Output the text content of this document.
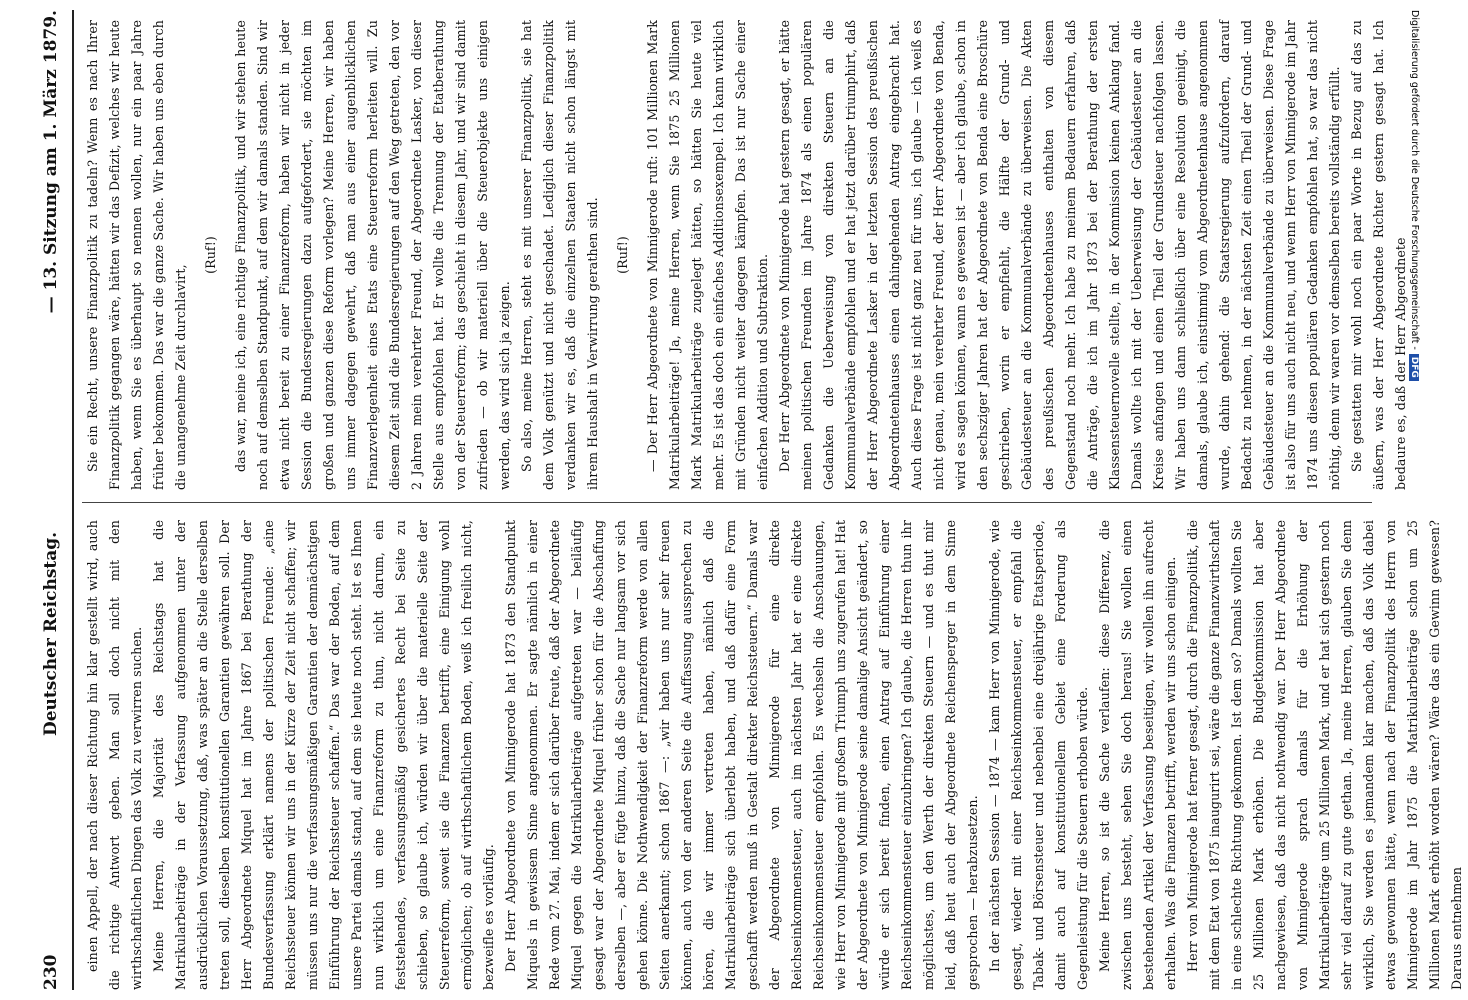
230
Deutscher Reichstag.
— 13. Sitzung am 1. März 1879.

einen Appell, der nach dieser Richtung hin klar gestellt wird, auch die richtige Antwort geben. Man soll doch nicht mit den wirthschaftlichen Dingen das Volk zu verwirren suchen. Meine Herren, die Majorität des Reichstags hat die Matrikularbeiträge in der Verfassung aufgenommen unter der ausdrücklichen Voraussetzung, daß, was später an die Stelle derselben treten soll, dieselben konstitutionellen Garantien gewähren soll. Der Herr Abgeordnete Miquel hat im Jahre 1867 bei Berathung der Bundesverfassung erklärt namens der politischen Freunde: „eine Reichssteuer können wir uns in der Kürze der Zeit nicht schaffen; wir müssen uns nur die verfassungsmäßigen Garantien der demnächstigen Einführung der Reichssteuer schaffen.“ Das war der Boden, auf dem unsere Partei damals stand, auf dem sie heute noch steht. Ist es Ihnen nun wirklich um eine Finanzreform zu thun, nicht darum, ein feststehendes, verfassungsmäßig gesichertes Recht bei Seite zu schieben, so glaube ich, würden wir über die materielle Seite der Steuerreform, soweit sie die Finanzen betrifft, eine Einigung wohl ermöglichen; ob auf wirthschaftlichem Boden, weiß ich freilich nicht, bezweifle es vorläufig. Der Herr Abgeordnete von Minnigerode hat 1873 den Standpunkt Miquels in gewissem Sinne angenommen. Er sagte nämlich in einer Rede vom 27. Mai, indem er sich darüber freute, daß der Abgeordnete Miquel gegen die Matrikularbeiträge aufgetreten war — beiläufig gesagt war der Abgeordnete Miquel früher schon für die Abschaffung derselben —, aber er fügte hinzu, daß die Sache nur langsam vor sich gehen könne. Die Nothwendigkeit der Finanzreform werde von allen Seiten anerkannt; schon 1867 —: „wir haben uns nur sehr freuen können, auch von der anderen Seite die Auffassung aussprechen zu hören, die wir immer vertreten haben, nämlich daß die Matrikularbeiträge sich überlebt haben, und daß dafür eine Form geschafft werden muß in Gestalt direkter Reichssteuern.“ Damals war der Abgeordnete von Minnigerode für eine direkte Reichseinkommensteuer, auch im nächsten Jahr hat er eine direkte Reichseinkommensteuer empfohlen. Es wechseln die Anschauungen, wie Herr von Minnigerode mit großem Triumph uns zugerufen hat! Hat der Abgeordnete von Minnigerode seine damalige Ansicht geändert, so würde er sich bereit finden, einen Antrag auf Einführung einer Reichseinkommensteuer einzubringen? Ich glaube, die Herren thun ihr möglichstes, um den Werth der direkten Steuern — und es thut mir leid, daß heut auch der Abgeordnete Reichensperger in dem Sinne gesprochen — herabzusetzen. In der nächsten Session — 1874 — kam Herr von Minnigerode, wie gesagt, wieder mit einer Reichseinkommensteuer, er empfahl die Tabak- und Börsensteuer und nebenbei eine dreijährige Etatsperiode, damit auch auf konstitutionellem Gebiet eine Forderung als Gegenleistung für die Steuern erhoben würde. Meine Herren, so ist die Sache verlaufen: diese Differenz, die zwischen uns besteht, sehen Sie doch heraus! Sie wollen einen bestehenden Artikel der Verfassung beseitigen, wir wollen ihn aufrecht erhalten. Was die Finanzen betrifft, werden wir uns schon einigen. Herr von Minnigerode hat ferner gesagt, durch die Finanzpolitik, die mit dem Etat von 1875 inaugurirt sei, wäre die ganze Finanzwirthschaft in eine schlechte Richtung gekommen. Ist dem so? Damals wollten Sie 25 Millionen Mark erhöhen. Die Budgetkommission hat aber nachgewiesen, daß das nicht nothwendig war. Der Herr Abgeordnete von Minnigerode sprach damals für die Erhöhung der Matrikularbeiträge um 25 Millionen Mark, und er hat sich gestern noch sehr viel darauf zu gute gethan. Ja, meine Herren, glauben Sie denn wirklich, Sie werden es jemandem klar machen, daß das Volk dabei etwas gewonnen hätte, wenn nach der Finanzpolitik des Herrn von Minnigerode im Jahr 1875 die Matrikularbeiträge schon um 25 Millionen Mark erhöht worden wären? Wäre das ein Gewinn gewesen? Daraus entnehmen

Sie ein Recht, unsere Finanzpolitik zu tadeln? Wenn es nach Ihrer Finanzpolitik gegangen wäre, hätten wir das Defizit, welches wir heute haben, wenn Sie es überhaupt so nennen wollen, nur ein paar Jahre früher bekommen. Das war die ganze Sache. Wir haben uns eben durch die unangenehme Zeit durchlavirt,

(Ruf!)	das war, meine ich, eine richtige Finanzpolitik, und wir stehen heute noch auf demselben Standpunkt, auf dem wir damals standen. Sind wir etwa nicht bereit zu einer Finanzreform, haben wir nicht in jeder Session die Bundesregierungen dazu aufgefordert, sie möchten im großen und ganzen diese Reform vorlegen? Meine Herren, wir haben uns immer dagegen gewehrt, daß man aus einer augenblicklichen Finanzverlegenheit eines Etats eine Steuerreform herleiten will. Zu diesem Zeit sind die Bundesregierungen auf den Weg getreten, den vor 2 Jahren mein verehrter Freund, der Abgeordnete Lasker, von dieser Stelle aus empfohlen hat. Er wollte die Trennung der Etatberathung von der Steuerreform; das geschieht in diesem Jahr, und wir sind damit zufrieden — ob wir materiell über die Steuerobjekte uns einigen werden, das wird sich ja zeigen. So also, meine Herren, steht es mit unserer Finanzpolitik, sie hat dem Volk genützt und nicht geschadet. Lediglich dieser Finanzpolitik verdanken wir es, daß die einzelnen Staaten nicht schon längst mit ihrem Haushalt in Verwirrung gerathen sind.	(Ruf!)	— Der Herr Abgeordnete von Minnigerode ruft: 101 Millionen Mark Matrikularbeiträge! Ja, meine Herren, wenn Sie 1875 25 Millionen Mark Matrikularbeiträge zugelegt hätten, so hätten Sie heute viel mehr. Es ist das doch ein einfaches Additionsexempel. Ich kann wirklich mit Gründen nicht weiter dagegen kämpfen. Das ist nur Sache einer einfachen Addition und Subtraktion. Der Herr Abgeordnete von Minnigerode hat gestern gesagt, er hätte meinen politischen Freunden im Jahre 1874 als einen populären Gedanken die Ueberweisung von direkten Steuern an die Kommunalverbände empfohlen und er hat jetzt darüber triumphirt, daß der Herr Abgeordnete Lasker in der letzten Session des preußischen Abgeordnetenhauses einen dahingehenden Antrag eingebracht hat. Auch diese Frage ist nicht ganz neu für uns, ich glaube — ich weiß es nicht genau, mein verehrter Freund, der Herr Abgeordnete von Benda, wird es sagen können, wann es gewesen ist — aber ich glaube, schon in den sechsziger Jahren hat der Abgeordnete von Benda eine Broschüre geschrieben, worin er empfiehlt, die Hälfte der Grund- und Gebäudesteuer an die Kommunalverbände zu überweisen. Die Akten des preußischen Abgeordnetenhauses enthalten von diesem Gegenstand noch mehr. Ich habe zu meinem Bedauern erfahren, daß die Anträge, die ich im Jahr 1873 bei der Berathung der ersten Klassensteuernovelle stellte, in der Kommission keinen Anklang fand. Damals wollte ich mit der Ueberweisung der Gebäudesteuer an die Kreise anfangen und einen Theil der Grundsteuer nachfolgen lassen. Wir haben uns dann schließlich über eine Resolution geeinigt, die damals, glaube ich, einstimmig vom Abgeordnetenhause angenommen wurde, dahin gehend: die Staatsregierung aufzufordern, darauf Bedacht zu nehmen, in der nächsten Zeit einen Theil der Grund- und Gebäudesteuer an die Kommunalverbände zu überweisen. Diese Frage ist also für uns auch nicht neu, und wenn Herr von Minnigerode im Jahr 1874 uns diesen populären Gedanken empfohlen hat, so war das nicht nöthig, denn wir waren vor demselben bereits vollständig erfüllt. Sie gestatten mir wohl noch ein paar Worte in Bezug auf das zu äußern, was der Herr Abgeordnete Richter gestern gesagt hat. Ich bedaure es, daß der Herr Abgeordnete

Digitalisierung gefördert durch die Deutsche Forschungsgemeinschaft -DFG
